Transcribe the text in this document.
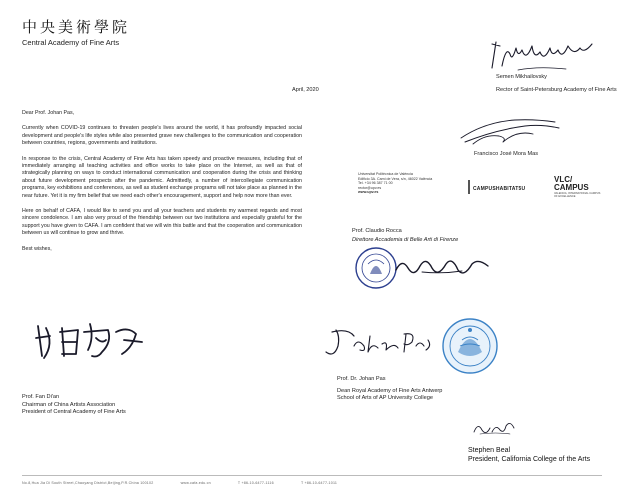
中央美術學院
Central Academy of Fine Arts
Semen Mikhailovsky
Rector of Saint-Petersburg Academy of Fine Arts
April, 2020

Dear Prof. Johan Pas,

Currently when COVID-19 continues to threaten people's lives around the world, it has profoundly impacted social development and people's life styles while also presented grave new challenges to the communication and cooperation between countries, regions, governments and institutions.

In response to the crisis, Central Academy of Fine Arts has taken speedy and proactive measures, including that of immediately arranging all teaching activities and office works to take place on the Internet, as well as that of strategically planning on ways to conduct international communication and cooperation during the crisis and thinking about future development prospects after the pandemic. Admittedly, a number of intercollegiate communication programs, key exhibitions and conferences, as well as student exchange programs will not take place as planned in the near future. Yet it is my firm belief that we need each other's encouragement, support and help now more than ever.

Here on behalf of CAFA, I would like to send you and all your teachers and students my warmest regards and most sincere condolence. I am also very proud of the friendship between our two institutions and especially grateful for the support you have given to CAFA. I am confident that we will win this battle and that the cooperation and communication between us will continue to grow and thrive.

Best wishes,

Francisco José Mora Mas
Universitat Politècnica de València
Edificio 3A. Camí de Vera, s/n, 46022 València
Tel. +34 96 387 71 00
rector@upv.es
www.upv.es
CAMPUSHABITAT5U
VLC/
CAMPUS
VALENCIA, INTERNATIONAL CAMPUS OF EXCELLENCE
Prof. Claudio Rocca
Direttore Accademia di Belle Arti di Firenze
Prof. Fan Di'an
Chairman of China Artists Association
President of Central Academy of Fine Arts
Prof. Dr. Johan Pas
Dean Royal Academy of Fine Arts Antwerp
School of Arts of AP University College
Stephen Beal
President, California College of the Arts
No.8,Hua Jia Di South Street,Chaoyang District,Beijing,P.R.China 100102	www.cafa.edu.cn	T +86-10-6477-1116	T +86-10-6477-1011
